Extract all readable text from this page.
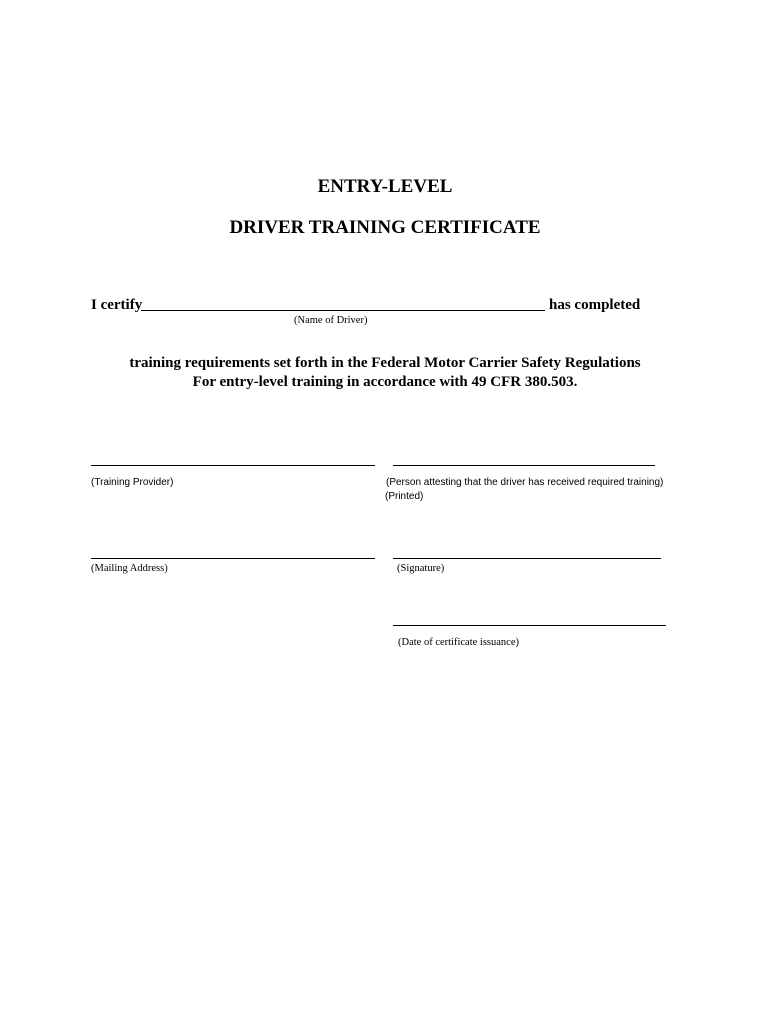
ENTRY-LEVEL
DRIVER TRAINING CERTIFICATE
I certify	has completed
(Name of Driver)
training requirements set forth in the Federal Motor Carrier Safety Regulations
For entry-level training in accordance with 49 CFR 380.503.
(Training Provider)	(Person attesting that the driver has received required training)
(Printed)
(Mailing Address)	(Signature)
(Date of certificate issuance)
